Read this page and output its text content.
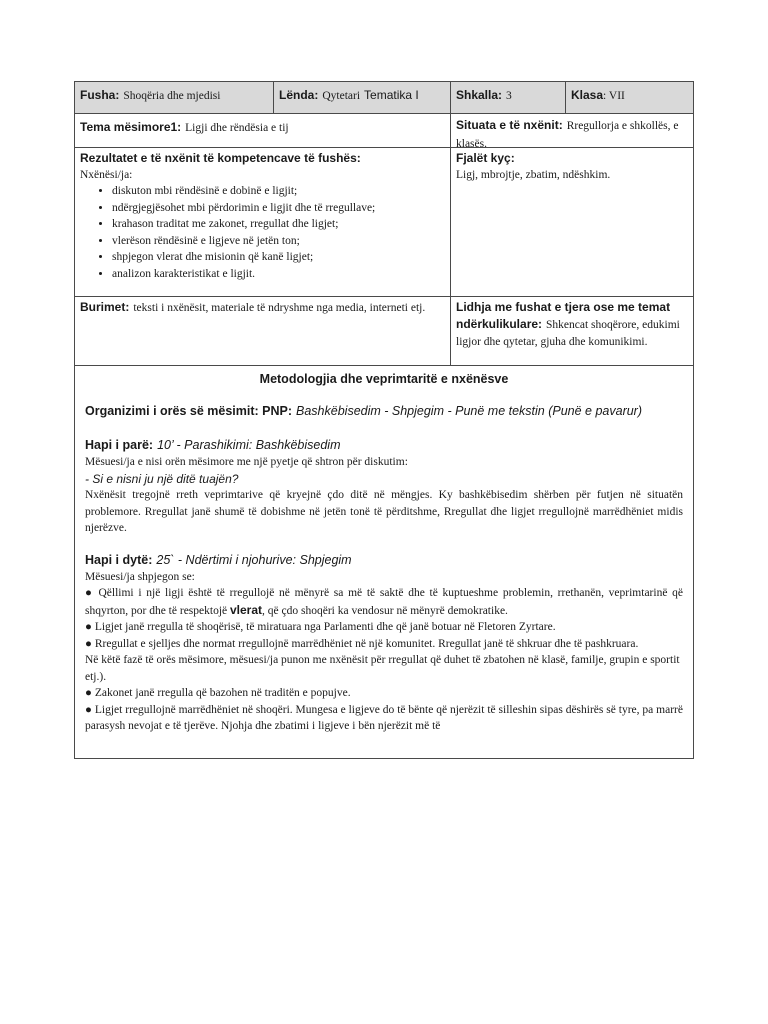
Fusha: Shoqëria dhe mjedisi	Lënda: Qytetari Tematika I	Shkalla: 3	Klasa: VII
Tema mësimore1: Ligji dhe rëndësia e tij	Situata e të nxënit: Rregullorja e shkollës, e klasës.
Rezultatet e të nxënit të kompetencave të fushës:
Nxënësi/ja:
• diskuton mbi rëndësinë e dobinë e ligjit;
• ndërgjegjësohet mbi përdorimin e ligjit dhe të rregullave;
• krahason traditat me zakonet, rregullat dhe ligjet;
• vlerëson rëndësinë e ligjeve në jetën ton;
• shpjegon vlerat dhe misionin që kanë ligjet;
• analizon karakteristikat e ligjit.
Fjalët kyç:
Ligj, mbrojtje, zbatim, ndëshkim.
Burimet: teksti i nxënësit, materiale të ndryshme nga media, interneti etj.	Lidhja me fushat e tjera ose me temat ndërkulikulare: Shkencat shoqërore, edukimi ligjor dhe qytetar, gjuha dhe komunikimi.
Metodologjia dhe veprimtaritë e nxënësve
Organizimi i orës së mësimit: PNP: Bashkëbisedim - Shpjegim - Punë me tekstin (Punë e pavarur)
Hapi i parë: 10’ - Parashikimi: Bashkëbisedim
Mësuesi/ja e nisi orën mësimore me një pyetje që shtron për diskutim:
- Si e nisni ju një ditë tuajën?
Nxënësit tregojnë rreth veprimtarive që kryejnë çdo ditë në mëngjes. Ky bashkëbisedim shërben për futjen në situatën problemore. Rregullat janë shumë të dobishme në jetën tonë të përditshme, Rregullat dhe ligjet rregullojnë marrëdhëniet midis njerëzve.
Hapi i dytë: 25` - Ndërtimi i njohurive: Shpjegim
Mësuesi/ja shpjegon se:
● Qëllimi i një ligji është të rregullojë në mënyrë sa më të saktë dhe të kuptueshme problemin, rrethanën, veprimtarinë që shqyrton, por dhe të respektojë vlerat, që çdo shoqëri ka vendosur në mënyrë demokratike.
● Ligjet janë rregulla të shoqërisë, të miratuara nga Parlamenti dhe që janë botuar në Fletoren Zyrtare.
● Rregullat e sjelljes dhe normat rregullojnë marrëdhëniet në një komunitet. Rregullat janë të shkruar dhe të pashkruara.
Në këtë fazë të orës mësimore, mësuesi/ja punon me nxënësit për rregullat që duhet të zbatohen në klasë, familje, grupin e sportit etj.).
● Zakonet janë rregulla që bazohen në traditën e popujve.
● Ligjet rregullojnë marrëdhëniet në shoqëri. Mungesa e ligjeve do të bënte që njerëzit të silleshin sipas dëshirës së tyre, pa marrë parasysh nevojat e të tjerëve. Njohja dhe zbatimi i ligjeve i bën njerëzit më të
